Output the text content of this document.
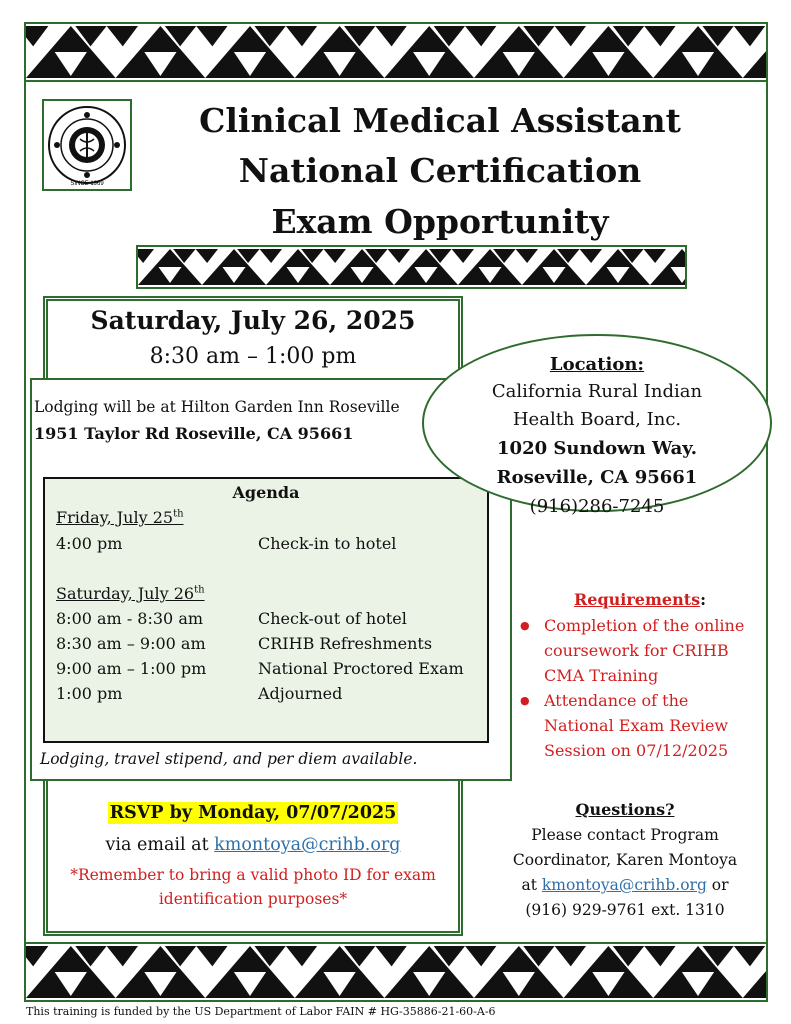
SINCE 1969
Clinical Medical Assistant
National Certification
Exam Opportunity
Saturday, July 26, 2025
8:30 am – 1:00 pm
Lodging will be at Hilton Garden Inn Roseville
1951 Taylor Rd Roseville, CA 95661
Agenda
Friday, July 25th
4:00 pm	Check-in to hotel
Saturday, July 26th
8:00 am - 8:30 am	Check-out of hotel
8:30 am – 9:00 am	CRIHB Refreshments
9:00 am – 1:00 pm	National Proctored Exam
1:00 pm	Adjourned
Lodging, travel stipend, and per diem available.
Location:
California Rural Indian
Health Board, Inc.
1020 Sundown Way.
Roseville, CA 95661
(916)286-7245
Requirements:
● Completion of the online coursework for CRIHB CMA Training
● Attendance of the National Exam Review Session on 07/12/2025
RSVP by Monday, 07/07/2025
via email at kmontoya@crihb.org
*Remember to bring a valid photo ID for exam identification purposes*
Questions?
Please contact Program
Coordinator, Karen Montoya
at kmontoya@crihb.org or
(916) 929-9761 ext. 1310
This training is funded by the US Department of Labor FAIN # HG-35886-21-60-A-6
